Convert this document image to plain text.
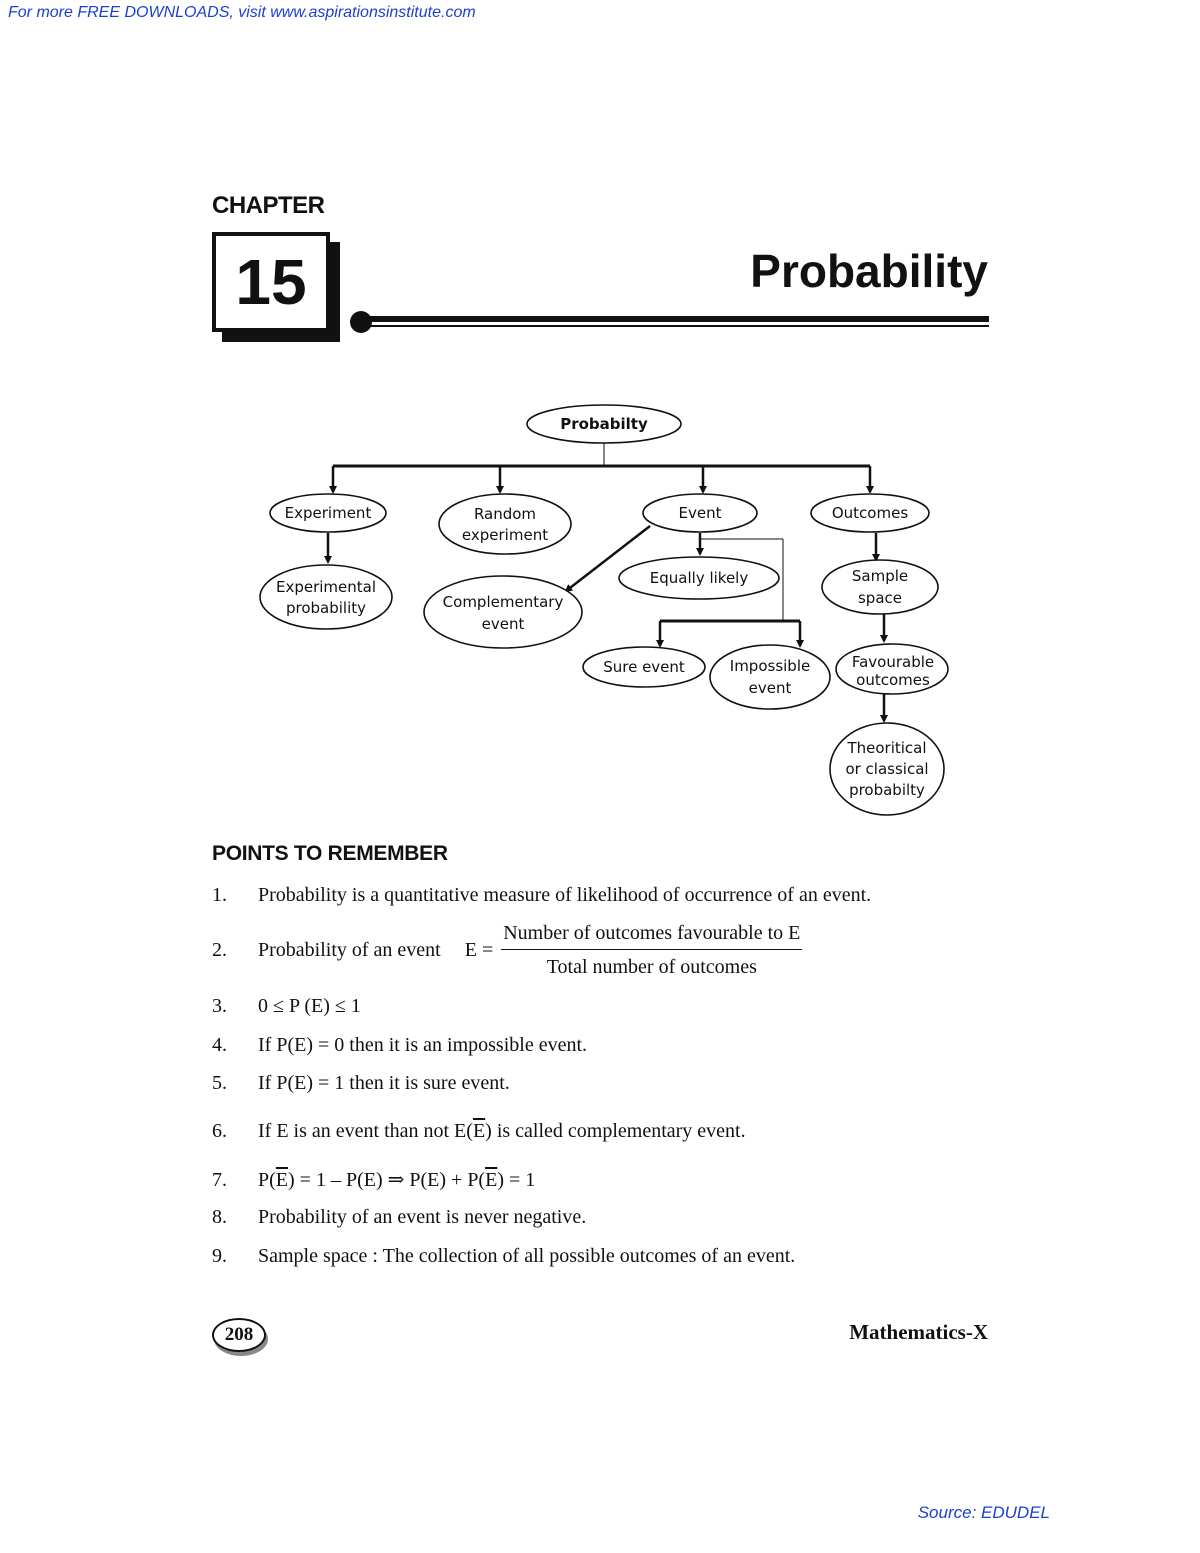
For more FREE DOWNLOADS, visit www.aspirationsinstitute.com
CHAPTER
15	Probability
Probabilty
Experiment	Random
experiment
Event	Outcomes
Experimental
probability	Complementary
event
Equally likely	Sample
space
Sure event	Impossible
event
Favourable
outcomes
Theoritical
or classical
probabilty
POINTS TO REMEMBER
1.	Probability is a quantitative measure of likelihood of occurrence of an event.
2.	Probability of an event $E = \frac{\text{Number of outcomes favourable to E}}{\text{Total number of outcomes}}$
3.	0 ≤ P (E) ≤ 1
4.	If P(E) = 0 then it is an impossible event.
5.	If P(E) = 1 then it is sure event.
6.	If E is an event than not E( $\overline{E}$ ) is called complementary event.
7.	P( $\overline{E}$ ) = 1 – P(E) ⇒ P(E) + P( $\overline{E}$ ) = 1
8.	Probability of an event is never negative.
9.	Sample space : The collection of all possible outcomes of an event.
208	Mathematics-X
Source: EDUDEL
